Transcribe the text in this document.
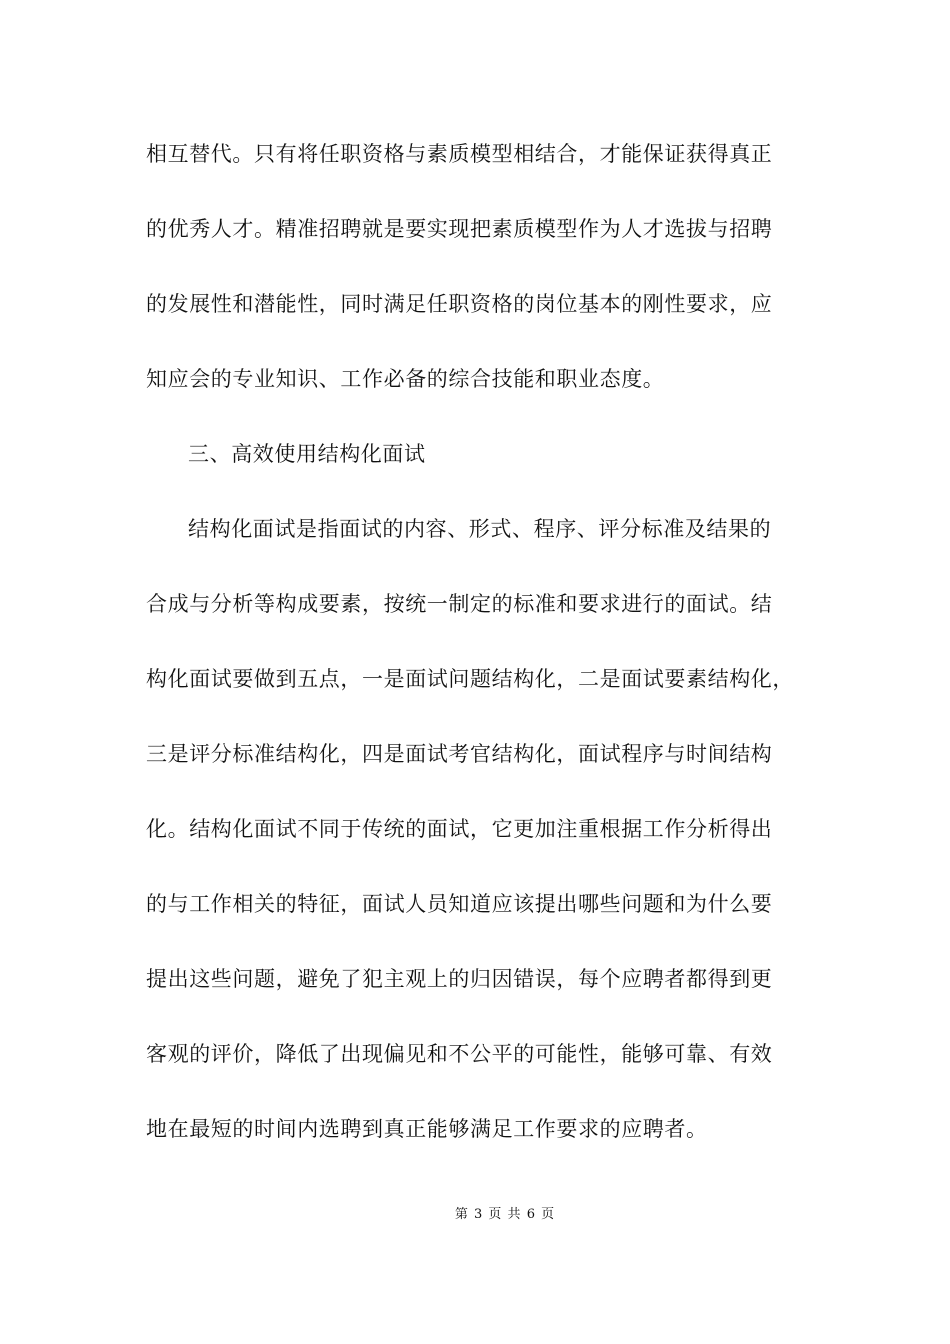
相互替代。只有将任职资格与素质模型相结合，才能保证获得真正
的优秀人才。精准招聘就是要实现把素质模型作为人才选拔与招聘
的发展性和潜能性，同时满足任职资格的岗位基本的刚性要求，应
知应会的专业知识、工作必备的综合技能和职业态度。
三、高效使用结构化面试
结构化面试是指面试的内容、形式、程序、评分标准及结果的
合成与分析等构成要素，按统一制定的标准和要求进行的面试。结
构化面试要做到五点，一是面试问题结构化，二是面试要素结构化，
三是评分标准结构化，四是面试考官结构化，面试程序与时间结构
化。结构化面试不同于传统的面试，它更加注重根据工作分析得出
的与工作相关的特征，面试人员知道应该提出哪些问题和为什么要
提出这些问题，避免了犯主观上的归因错误，每个应聘者都得到更
客观的评价，降低了出现偏见和不公平的可能性，能够可靠、有效
地在最短的时间内选聘到真正能够满足工作要求的应聘者。
第 3 页 共 6 页
